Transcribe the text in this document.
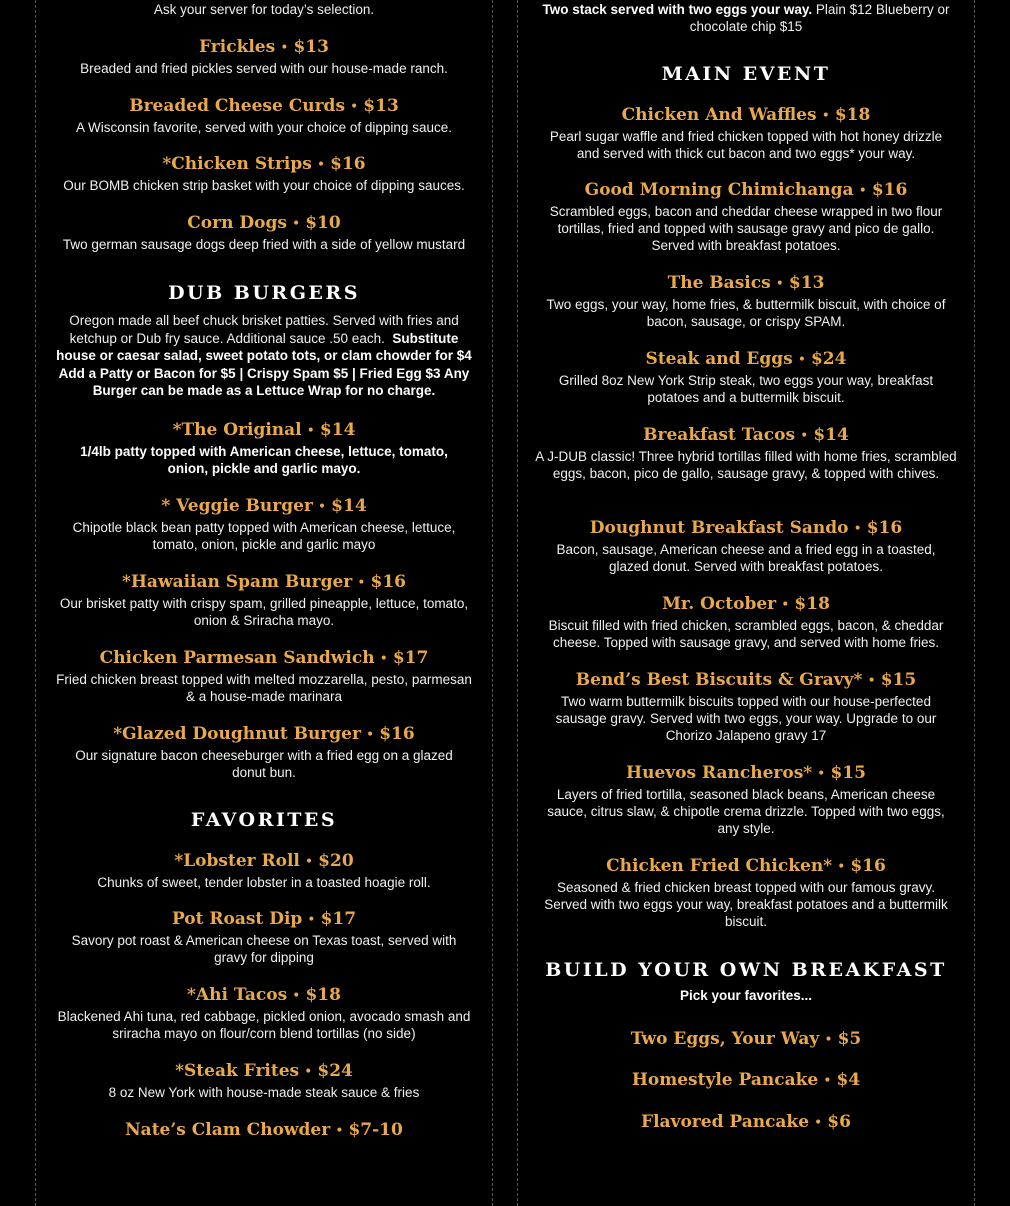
Ask your server for today’s selection.
Frickles • $13
Breaded and fried pickles served with our house-made ranch.
Breaded Cheese Curds • $13
A Wisconsin favorite, served with your choice of dipping sauce.
*Chicken Strips • $16
Our BOMB chicken strip basket with your choice of dipping sauces.
Corn Dogs • $10
Two german sausage dogs deep fried with a side of yellow mustard
DUB BURGERS
Oregon made all beef chuck brisket patties. Served with fries and ketchup or Dub fry sauce. Additional sauce .50 each. Substitute house or caesar salad, sweet potato tots, or clam chowder for $4 Add a Patty or Bacon for $5 | Crispy Spam $5 | Fried Egg $3 Any Burger can be made as a Lettuce Wrap for no charge.
*The Original • $14
1/4lb patty topped with American cheese, lettuce, tomato, onion, pickle and garlic mayo.
* Veggie Burger • $14
Chipotle black bean patty topped with American cheese, lettuce, tomato, onion, pickle and garlic mayo
*Hawaiian Spam Burger • $16
Our brisket patty with crispy spam, grilled pineapple, lettuce, tomato, onion & Sriracha mayo.
Chicken Parmesan Sandwich • $17
Fried chicken breast topped with melted mozzarella, pesto, parmesan & a house-made marinara
*Glazed Doughnut Burger • $16
Our signature bacon cheeseburger with a fried egg on a glazed donut bun.
FAVORITES
*Lobster Roll • $20
Chunks of sweet, tender lobster in a toasted hoagie roll.
Pot Roast Dip • $17
Savory pot roast & American cheese on Texas toast, served with gravy for dipping
*Ahi Tacos • $18
Blackened Ahi tuna, red cabbage, pickled onion, avocado smash and sriracha mayo on flour/corn blend tortillas (no side)
*Steak Frites • $24
8 oz New York with house-made steak sauce & fries
Nate’s Clam Chowder • $7-10
Two stack served with two eggs your way. Plain $12 Blueberry or chocolate chip $15
MAIN EVENT
Chicken And Waffles • $18
Pearl sugar waffle and fried chicken topped with hot honey drizzle and served with thick cut bacon and two eggs* your way.
Good Morning Chimichanga • $16
Scrambled eggs, bacon and cheddar cheese wrapped in two flour tortillas, fried and topped with sausage gravy and pico de gallo. Served with breakfast potatoes.
The Basics • $13
Two eggs, your way, home fries, & buttermilk biscuit, with choice of bacon, sausage, or crispy SPAM.
Steak and Eggs • $24
Grilled 8oz New York Strip steak, two eggs your way, breakfast potatoes and a buttermilk biscuit.
Breakfast Tacos • $14
A J-DUB classic! Three hybrid tortillas filled with home fries, scrambled eggs, bacon, pico de gallo, sausage gravy, & topped with chives.
Doughnut Breakfast Sando • $16
Bacon, sausage, American cheese and a fried egg in a toasted, glazed donut. Served with breakfast potatoes.
Mr. October • $18
Biscuit filled with fried chicken, scrambled eggs, bacon, & cheddar cheese. Topped with sausage gravy, and served with home fries.
Bend’s Best Biscuits & Gravy* • $15
Two warm buttermilk biscuits topped with our house-perfected sausage gravy. Served with two eggs, your way. Upgrade to our Chorizo Jalapeno gravy 17
Huevos Rancheros* • $15
Layers of fried tortilla, seasoned black beans, American cheese sauce, citrus slaw, & chipotle crema drizzle. Topped with two eggs, any style.
Chicken Fried Chicken* • $16
Seasoned & fried chicken breast topped with our famous gravy. Served with two eggs your way, breakfast potatoes and a buttermilk biscuit.
BUILD YOUR OWN BREAKFAST
Pick your favorites...
Two Eggs, Your Way • $5
Homestyle Pancake • $4
Flavored Pancake • $6
